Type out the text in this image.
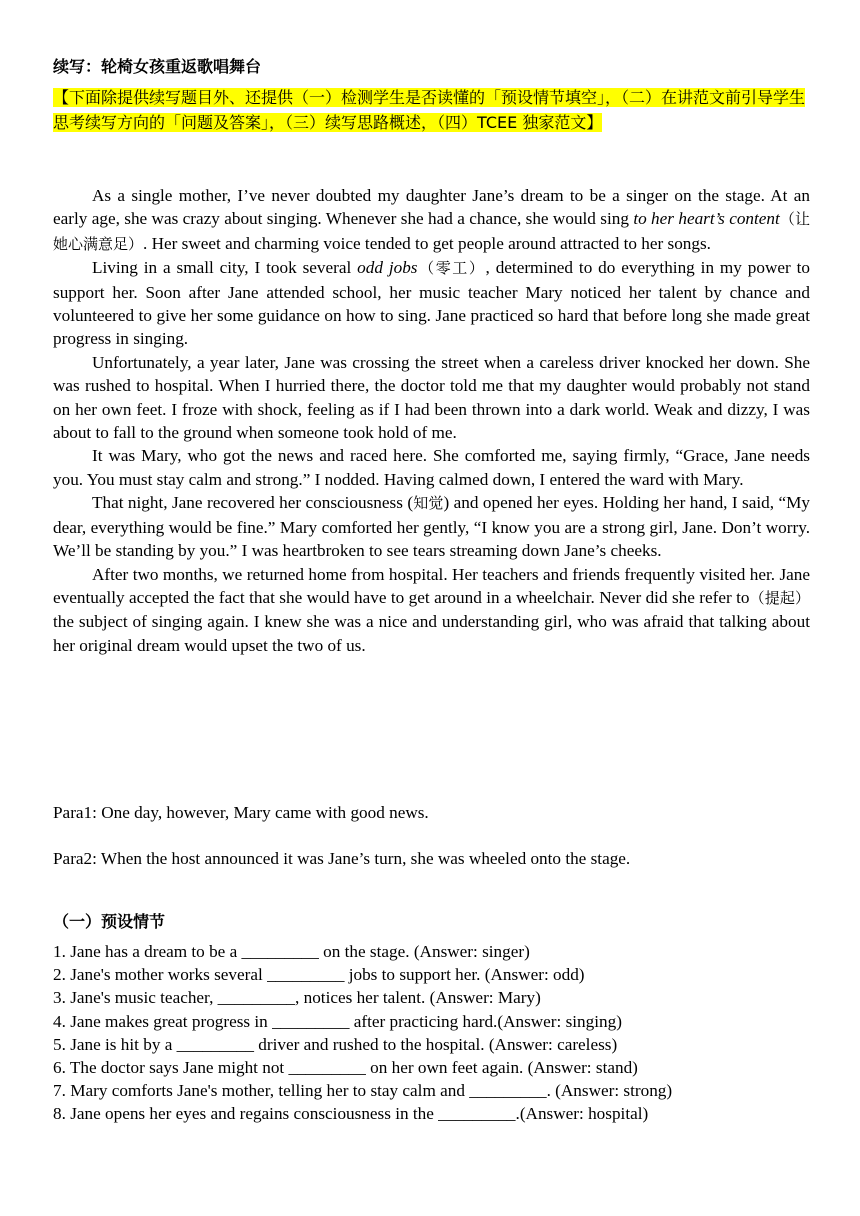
续写：轮椅女孩重返歌唱舞台
【下面除提供续写题目外、还提供（一）检测学生是否读懂的「预设情节填空」，（二）在讲范文前引导学生思考续写方向的「问题及答案」，（三）续写思路概述，（四）TCEE 独家范文】

As a single mother, I’ve never doubted my daughter Jane’s dream to be a singer on the stage. At an early age, she was crazy about singing. Whenever she had a chance, she would sing to her heart’s content（让她心满意足）. Her sweet and charming voice tended to get people around attracted to her songs.

Living in a small city, I took several odd jobs（零工）, determined to do everything in my power to support her. Soon after Jane attended school, her music teacher Mary noticed her talent by chance and volunteered to give her some guidance on how to sing. Jane practiced so hard that before long she made great progress in singing.

Unfortunately, a year later, Jane was crossing the street when a careless driver knocked her down. She was rushed to hospital. When I hurried there, the doctor told me that my daughter would probably not stand on her own feet. I froze with shock, feeling as if I had been thrown into a dark world. Weak and dizzy, I was about to fall to the ground when someone took hold of me.

It was Mary, who got the news and raced here. She comforted me, saying firmly, “Grace, Jane needs you. You must stay calm and strong.” I nodded. Having calmed down, I entered the ward with Mary.

That night, Jane recovered her consciousness (知觉) and opened her eyes. Holding her hand, I said, “My dear, everything would be fine.” Mary comforted her gently, “I know you are a strong girl, Jane. Don’t worry. We’ll be standing by you.” I was heartbroken to see tears streaming down Jane’s cheeks.

After two months, we returned home from hospital. Her teachers and friends frequently visited her. Jane eventually accepted the fact that she would have to get around in a wheelchair. Never did she refer to（提起）the subject of singing again. I knew she was a nice and understanding girl, who was afraid that talking about her original dream would upset the two of us.

Para1: One day, however, Mary came with good news.
Para2: When the host announced it was Jane’s turn, she was wheeled onto the stage.
（一）预设情节
1. Jane has a dream to be a _________ on the stage. (Answer: singer)
2. Jane's mother works several _________ jobs to support her. (Answer: odd)
3. Jane's music teacher, _________, notices her talent. (Answer: Mary)
4. Jane makes great progress in _________ after practicing hard.(Answer: singing)
5. Jane is hit by a _________ driver and rushed to the hospital. (Answer: careless)
6. The doctor says Jane might not _________ on her own feet again. (Answer: stand)
7. Mary comforts Jane's mother, telling her to stay calm and _________. (Answer: strong)
8. Jane opens her eyes and regains consciousness in the _________.(Answer: hospital)
